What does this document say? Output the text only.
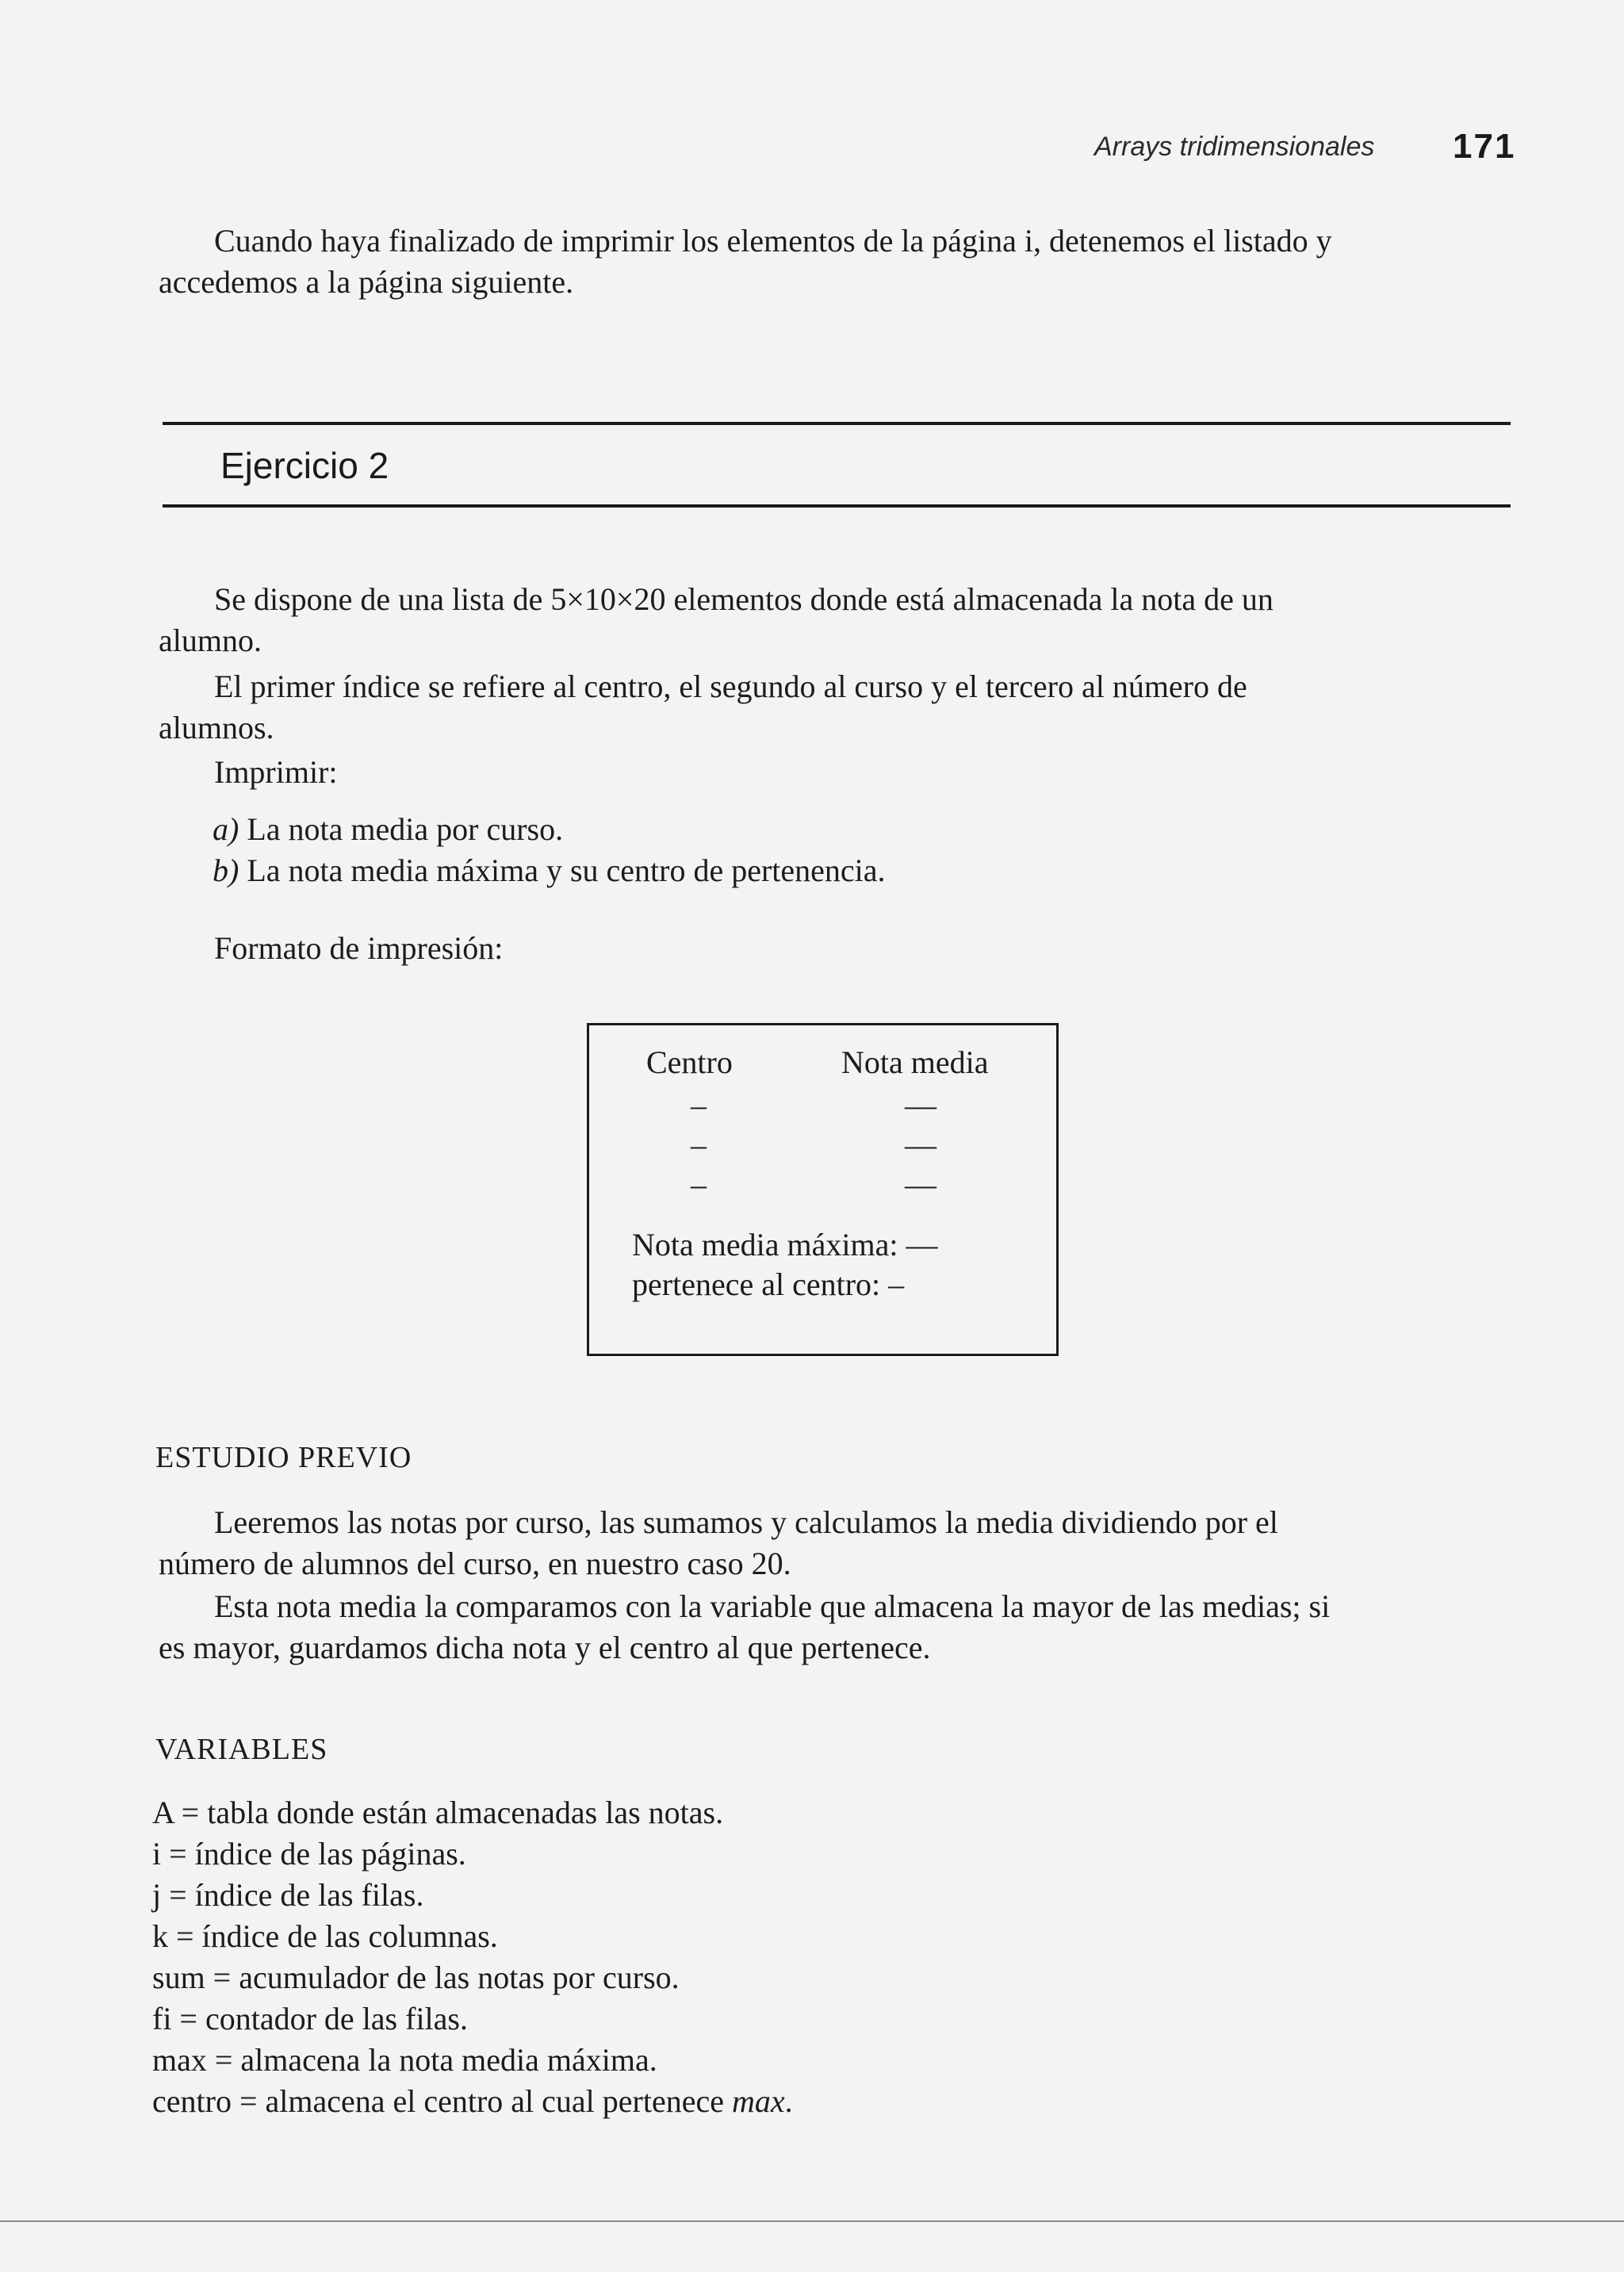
Arrays tridimensionales 171
Cuando haya finalizado de imprimir los elementos de la página i, detenemos el listado y
accedemos a la página siguiente.
Ejercicio 2
Se dispone de una lista de 5×10×20 elementos donde está almacenada la nota de un
alumno.
El primer índice se refiere al centro, el segundo al curso y el tercero al número de
alumnos.
Imprimir:
a) La nota media por curso.
b) La nota media máxima y su centro de pertenencia.
Formato de impresión:
Centro	Nota media
–	––
–	––
–	––
Nota media máxima: ––
pertenece al centro: –
ESTUDIO PREVIO
Leeremos las notas por curso, las sumamos y calculamos la media dividiendo por el
número de alumnos del curso, en nuestro caso 20.
Esta nota media la comparamos con la variable que almacena la mayor de las medias; si
es mayor, guardamos dicha nota y el centro al que pertenece.
VARIABLES
A = tabla donde están almacenadas las notas.
i = índice de las páginas.
j = índice de las filas.
k = índice de las columnas.
sum = acumulador de las notas por curso.
fi = contador de las filas.
max = almacena la nota media máxima.
centro = almacena el centro al cual pertenece max.
